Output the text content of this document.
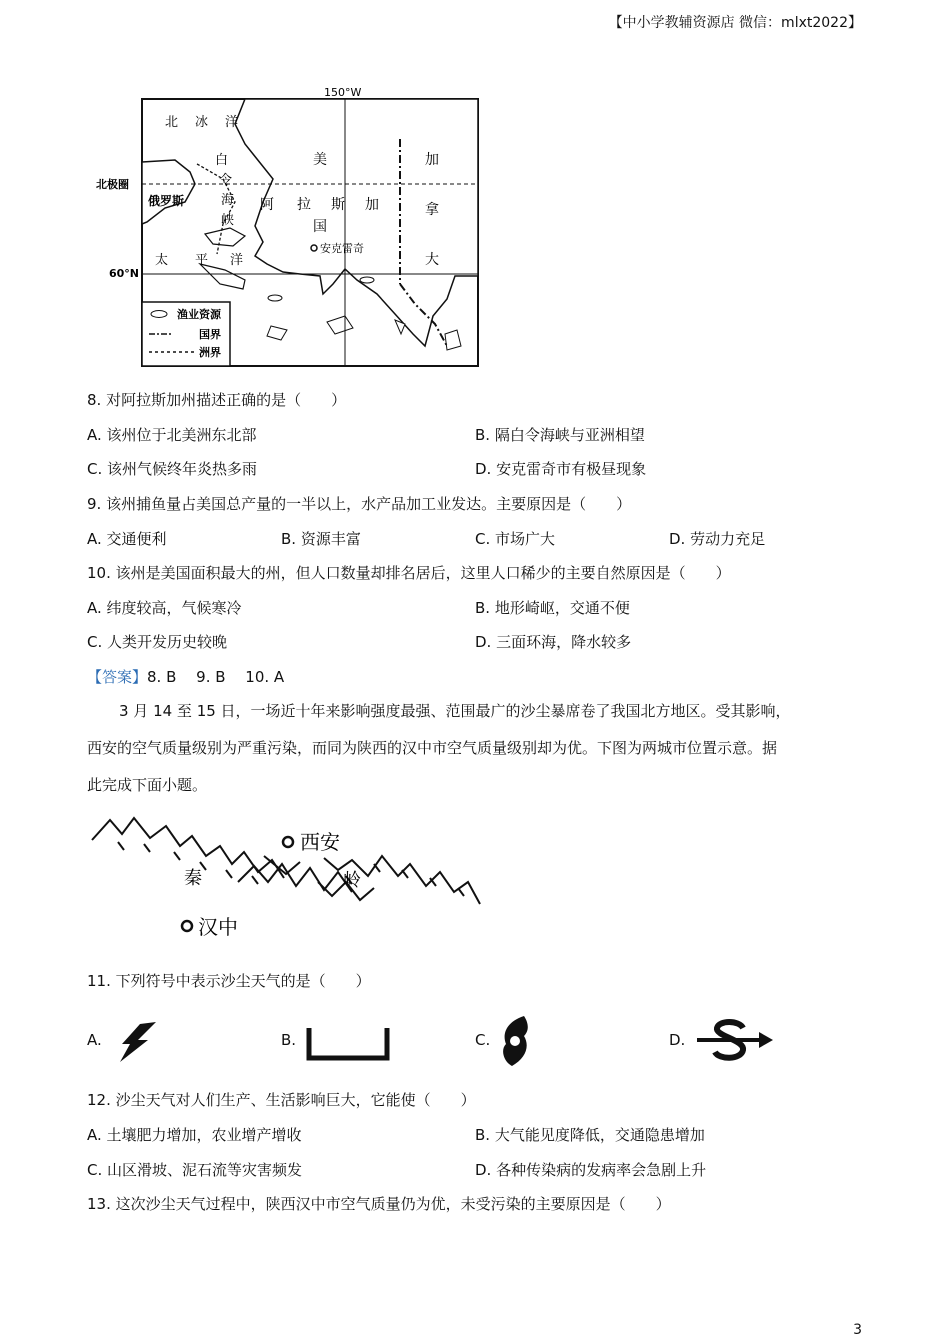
【中小学教辅资源店 微信：mlxt2022】
150°W
北极圈
60°N
北 冰 洋
白
令
海
峡
俄罗斯
太 平 洋
美
阿 拉 斯 加
国
安克雷奇
加
拿
大
渔业资源
国界
洲界
8. 对阿拉斯加州描述正确的是（　　）
A. 该州位于北美洲东北部	B. 隔白令海峡与亚洲相望
C. 该州气候终年炎热多雨	D. 安克雷奇市有极昼现象
9. 该州捕鱼量占美国总产量的一半以上，水产品加工业发达。主要原因是（　　）
A. 交通便利	B. 资源丰富	C. 市场广大	D. 劳动力充足
10. 该州是美国面积最大的州，但人口数量却排名居后，这里人口稀少的主要自然原因是（　　）
A. 纬度较高，气候寒冷	B. 地形崎岖，交通不便
C. 人类开发历史较晚	D. 三面环海，降水较多
【答案】8. B　 9. B　 10. A

3 月 14 至 15 日，一场近十年来影响强度最强、范围最广的沙尘暴席卷了我国北方地区。受其影响，

西安的空气质量级别为严重污染，而同为陕西的汉中市空气质量级别却为优。下图为两城市位置示意。据

此完成下面小题。

西安
汉中
秦	岭
11. 下列符号中表示沙尘天气的是（　　）
A.	B.	C.	D.
12. 沙尘天气对人们生产、生活影响巨大，它能使（　　）
A. 土壤肥力增加，农业增产增收	B. 大气能见度降低，交通隐患增加
C. 山区滑坡、泥石流等灾害频发	D. 各种传染病的发病率会急剧上升
13. 这次沙尘天气过程中，陕西汉中市空气质量仍为优，未受污染的主要原因是（　　）
3
